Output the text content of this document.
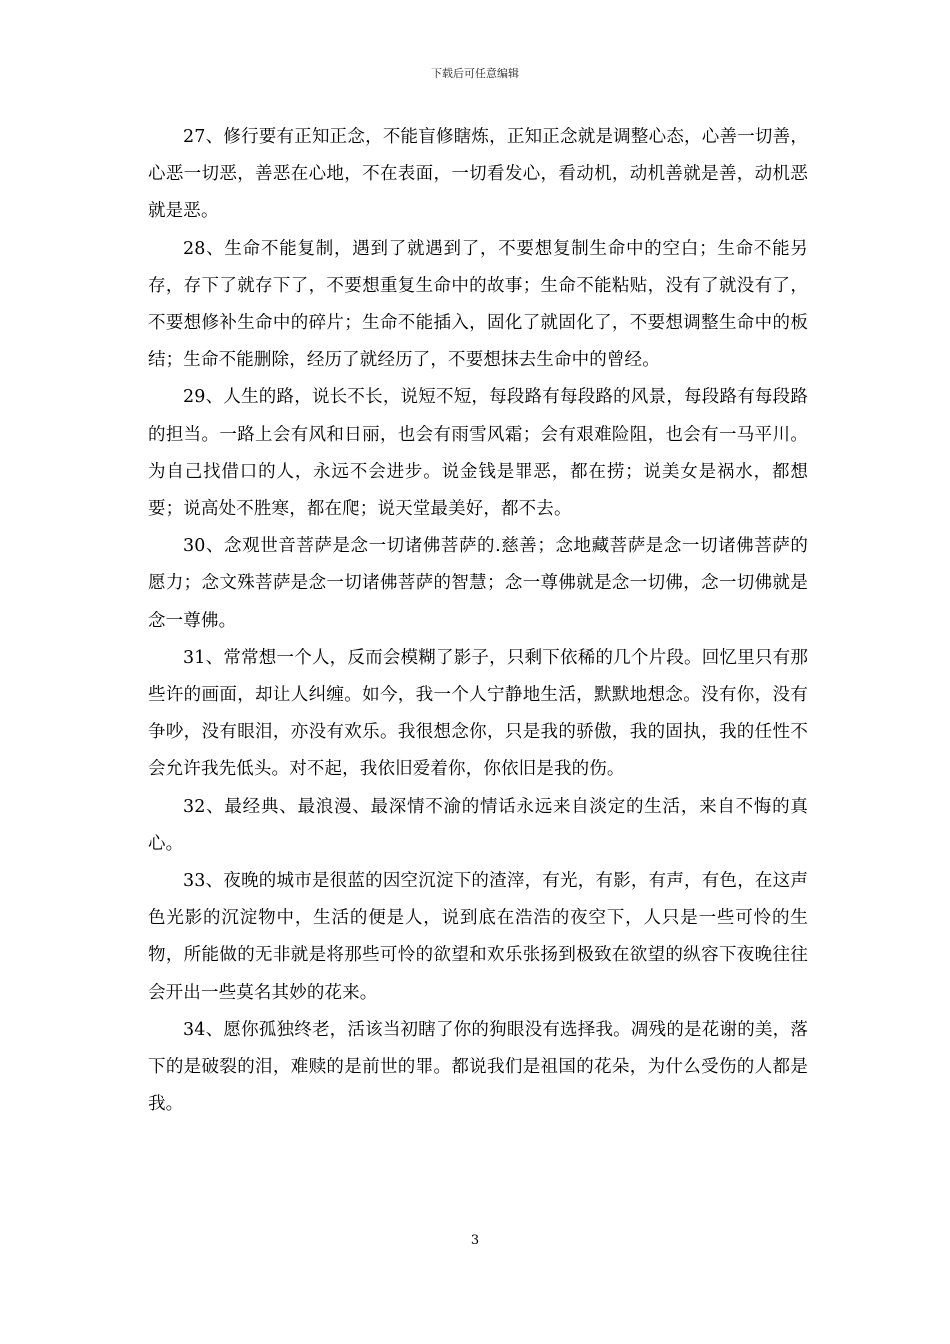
下载后可任意编辑

27、修行要有正知正念，不能盲修瞎炼，正知正念就是调整心态，心善一切善，心恶一切恶，善恶在心地，不在表面，一切看发心，看动机，动机善就是善，动机恶就是恶。

28、生命不能复制，遇到了就遇到了，不要想复制生命中的空白；生命不能另存，存下了就存下了，不要想重复生命中的故事；生命不能粘贴，没有了就没有了，不要想修补生命中的碎片；生命不能插入，固化了就固化了，不要想调整生命中的板结；生命不能删除，经历了就经历了，不要想抹去生命中的曾经。

29、人生的路，说长不长，说短不短，每段路有每段路的风景，每段路有每段路的担当。一路上会有风和日丽，也会有雨雪风霜；会有艰难险阻，也会有一马平川。为自己找借口的人，永远不会进步。说金钱是罪恶，都在捞；说美女是祸水，都想要；说高处不胜寒，都在爬；说天堂最美好，都不去。

30、念观世音菩萨是念一切诸佛菩萨的.慈善；念地藏菩萨是念一切诸佛菩萨的愿力；念文殊菩萨是念一切诸佛菩萨的智慧；念一尊佛就是念一切佛，念一切佛就是念一尊佛。

31、常常想一个人，反而会模糊了影子，只剩下依稀的几个片段。回忆里只有那些许的画面，却让人纠缠。如今，我一个人宁静地生活，默默地想念。没有你，没有争吵，没有眼泪，亦没有欢乐。我很想念你，只是我的骄傲，我的固执，我的任性不会允许我先低头。对不起，我依旧爱着你，你依旧是我的伤。

32、最经典、最浪漫、最深情不渝的情话永远来自淡定的生活，来自不悔的真心。

33、夜晚的城市是很蓝的因空沉淀下的渣滓，有光，有影，有声，有色，在这声色光影的沉淀物中，生活的便是人，说到底在浩浩的夜空下，人只是一些可怜的生物，所能做的无非就是将那些可怜的欲望和欢乐张扬到极致在欲望的纵容下夜晚往往会开出一些莫名其妙的花来。

34、愿你孤独终老，活该当初瞎了你的狗眼没有选择我。凋残的是花谢的美，落下的是破裂的泪，难赎的是前世的罪。都说我们是祖国的花朵，为什么受伤的人都是我。

3
